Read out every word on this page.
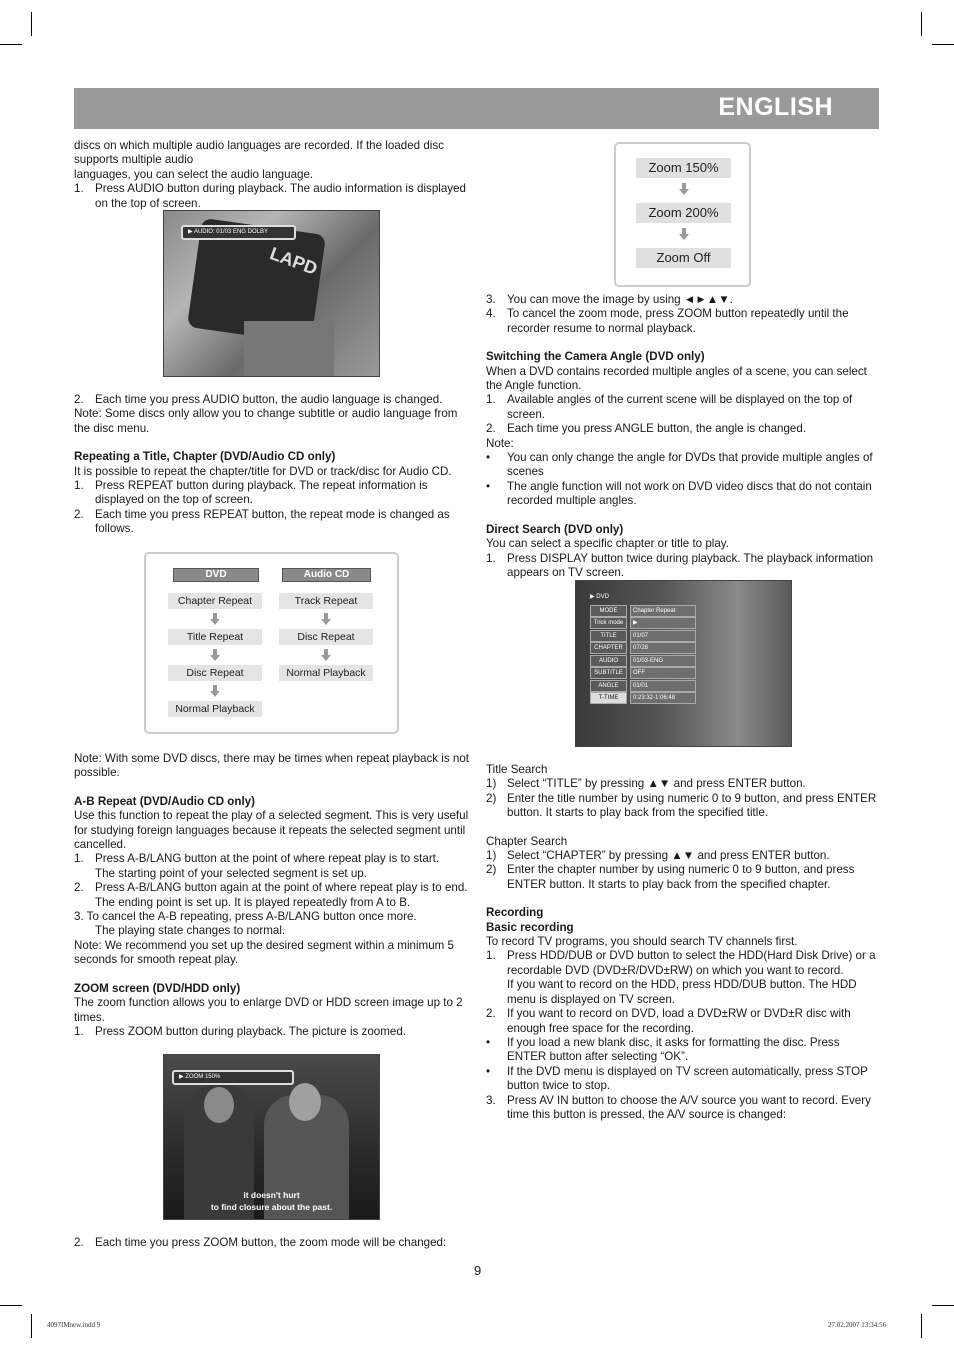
ENGLISH

discs on which multiple audio languages are recorded. If the loaded disc supports multiple audio

languages, you can select the audio language.

1. Press AUDIO button during playback. The audio information is displayed on the top of screen.
LAPD
▶ AUDIO: 01/03 ENG DOLBY
2. Each time you press AUDIO button, the audio language is changed.

Note: Some discs only allow you to change subtitle or audio language from the disc menu.

Repeating a Title, Chapter (DVD/Audio CD only)

It is possible to repeat the chapter/title for DVD or track/disc for Audio CD.

1. Press REPEAT button during playback. The repeat information is displayed on the top of screen.
2. Each time you press REPEAT button, the repeat mode is changed as follows.
DVD	Audio CD
Chapter Repeat
Title Repeat
Disc Repeat
Normal Playback
Track Repeat
Disc Repeat
Normal Playback

Note: With some DVD discs, there may be times when repeat playback is not possible.

A-B Repeat (DVD/Audio CD only)

Use this function to repeat the play of a selected segment. This is very useful for studying foreign languages because it repeats the selected segment until cancelled.

1. Press A-B/LANG button at the point of where repeat play is to start.

The starting point of your selected segment is set up.

2. Press A-B/LANG button again at the point of where repeat play is to end.

The ending point is set up. It is played repeatedly from A to B.

3. To cancel the A-B repeating, press A-B/LANG button once more.

The playing state changes to normal.

Note: We recommend you set up the desired segment within a minimum 5 seconds for smooth repeat play.

ZOOM screen (DVD/HDD only)

The zoom function allows you to enlarge DVD or HDD screen image up to 2 times.

1. Press ZOOM button during playback. The picture is zoomed.
▶ ZOOM 150%
it doesn't hurt
to find closure about the past.
2. Each time you press ZOOM button, the zoom mode will be changed:
Zoom 150%
Zoom 200%
Zoom Off
3. You can move the image by using ◄►▲▼.
4. To cancel the zoom mode, press ZOOM button repeatedly until the recorder resume to normal playback.

Switching the Camera Angle (DVD only)

When a DVD contains recorded multiple angles of a scene, you can select the Angle function.

1. Available angles of the current scene will be displayed on the top of screen.
2. Each time you press ANGLE button, the angle is changed.

Note:

• You can only change the angle for DVDs that provide multiple angles of scenes
• The angle function will not work on DVD video discs that do not contain recorded multiple angles.

Direct Search (DVD only)

You can select a specific chapter or title to play.

1. Press DISPLAY button twice during playback. The playback information appears on TV screen.
▶ DVD
MODE	Chapter Repeat
Trick mode	▶
TITLE	01/07
CHAPTER	07/28
AUDIO	01/03-ENG
SUBTITLE	OFF
ANGLE	01/01
T-TIME	0:23:32-1:06:48

Title Search

1) Select “TITLE” by pressing ▲▼ and press ENTER button.
2) Enter the title number by using numeric 0 to 9 button, and press ENTER button. It starts to play back from the specified title.

Chapter Search

1) Select “CHAPTER” by pressing ▲▼ and press ENTER button.
2) Enter the chapter number by using numeric 0 to 9 button, and press ENTER button. It starts to play back from the specified chapter.

Recording

Basic recording

To record TV programs, you should search TV channels first.

1. Press HDD/DUB or DVD button to select the HDD(Hard Disk Drive) or a recordable DVD (DVD±R/DVD±RW) on which you want to record.

If you want to record on the HDD, press HDD/DUB button. The HDD menu is displayed on TV screen.

2. If you want to record on DVD, load a DVD±RW or DVD±R disc with enough free space for the recording.
• If you load a new blank disc, it asks for formatting the disc. Press ENTER button after selecting “OK”.
• If the DVD menu is displayed on TV screen automatically, press STOP button twice to stop.
3. Press AV IN button to choose the A/V source you want to record. Every time this button is pressed, the A/V source is changed:
9
4097IMnew.indd 9	27.02.2007 13:34:56
